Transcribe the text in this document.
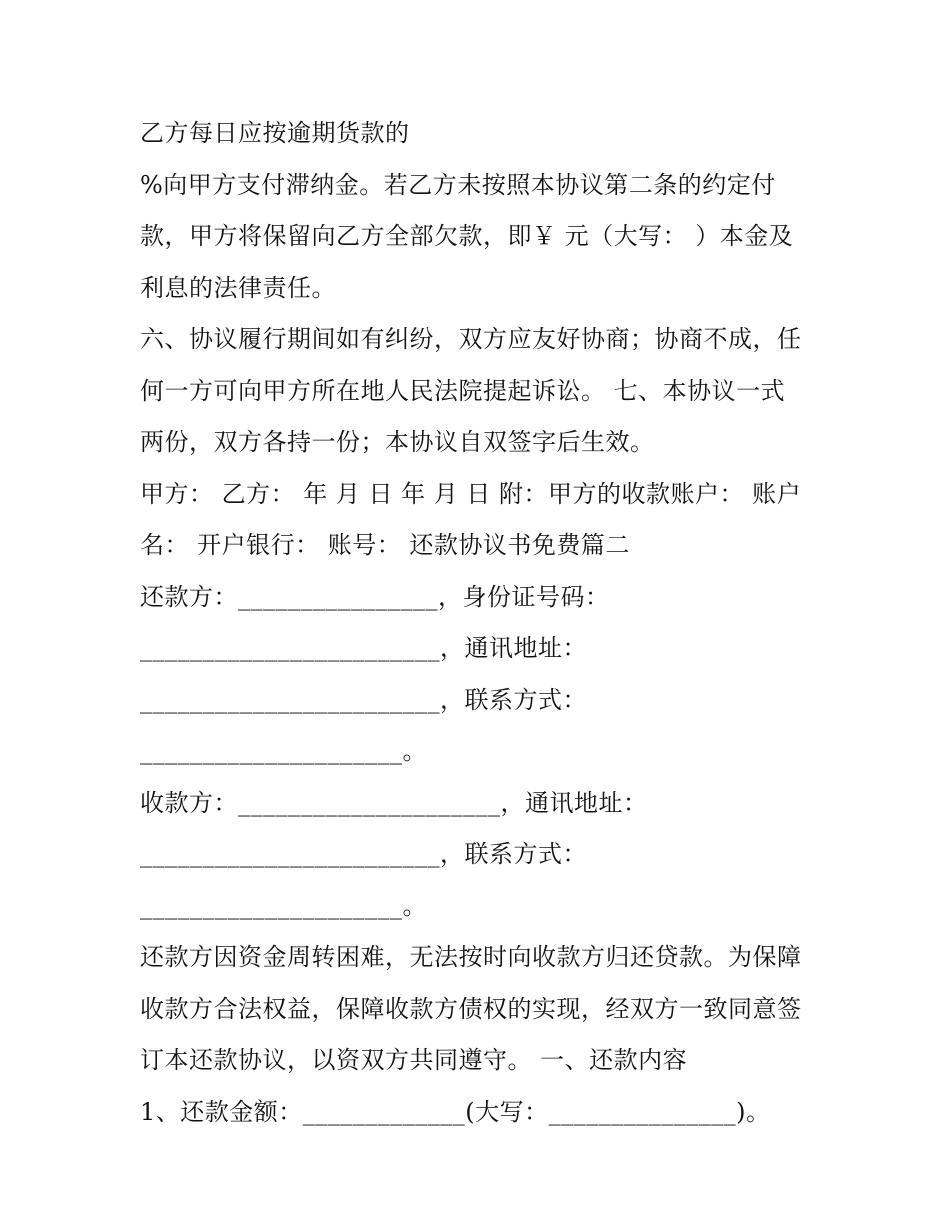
乙方每日应按逾期货款的
%向甲方支付滞纳金。若乙方未按照本协议第二条的约定付
款，甲方将保留向乙方全部欠款，即￥ 元（大写： ）本金及
利息的法律责任。
六、协议履行期间如有纠纷，双方应友好协商；协商不成，任
何一方可向甲方所在地人民法院提起诉讼。 七、本协议一式
两份，双方各持一份；本协议自双签字后生效。
甲方： 乙方： 年 月 日 年 月 日 附：甲方的收款账户： 账户
名： 开户银行： 账号： 还款协议书免费篇二
还款方：________________，身份证号码：
________________________，通讯地址：
________________________，联系方式：
_____________________。
收款方：_____________________，通讯地址：
________________________，联系方式：
_____________________。
还款方因资金周转困难，无法按时向收款方归还贷款。为保障
收款方合法权益，保障收款方债权的实现，经双方一致同意签
订本还款协议，以资双方共同遵守。 一、还款内容
1、还款金额：_____________(大写：_______________)。
